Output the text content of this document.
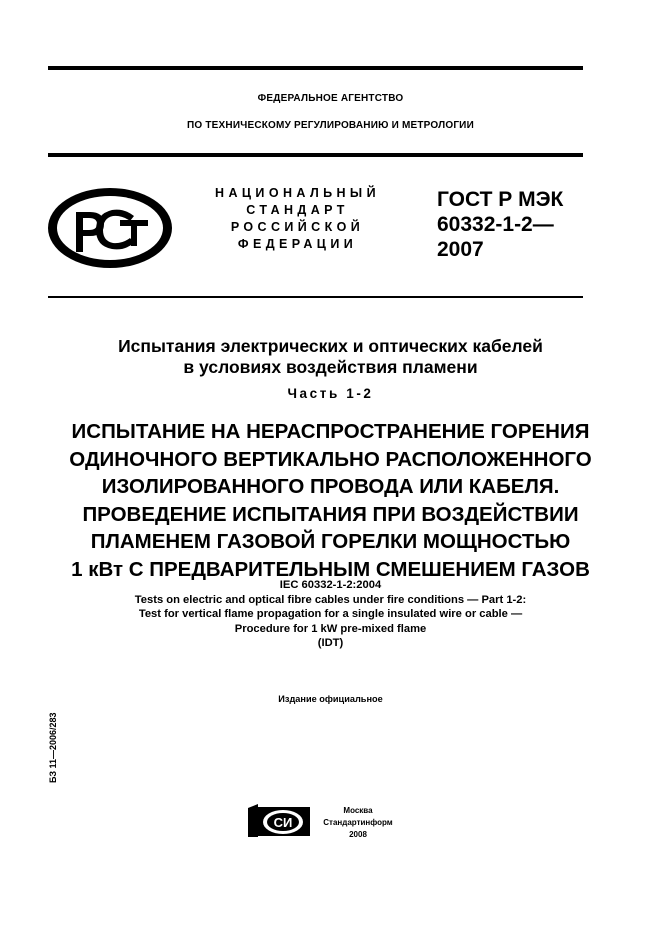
ФЕДЕРАЛЬНОЕ АГЕНТСТВО
ПО ТЕХНИЧЕСКОМУ РЕГУЛИРОВАНИЮ И МЕТРОЛОГИИ
НАЦИОНАЛЬНЫЙ
СТАНДАРТ
РОССИЙСКОЙ
ФЕДЕРАЦИИ
ГОСТ Р МЭК
60332-1-2—
2007
Испытания электрических и оптических кабелей
в условиях воздействия пламени
Часть 1-2
ИСПЫТАНИЕ НА НЕРАСПРОСТРАНЕНИЕ ГОРЕНИЯ
ОДИНОЧНОГО ВЕРТИКАЛЬНО РАСПОЛОЖЕННОГО
ИЗОЛИРОВАННОГО ПРОВОДА ИЛИ КАБЕЛЯ.
ПРОВЕДЕНИЕ ИСПЫТАНИЯ ПРИ ВОЗДЕЙСТВИИ
ПЛАМЕНЕМ ГАЗОВОЙ ГОРЕЛКИ МОЩНОСТЬЮ
1 кВт С ПРЕДВАРИТЕЛЬНЫМ СМЕШЕНИЕМ ГАЗОВ
IEC 60332-1-2:2004
Tests on electric and optical fibre cables under fire conditions — Part 1-2:
Test for vertical flame propagation for a single insulated wire or cable —
Procedure for 1 kW pre-mixed flame
(IDT)
Издание официальное
БЗ 11—2006/283
СИ
Москва
Стандартинформ
2008
